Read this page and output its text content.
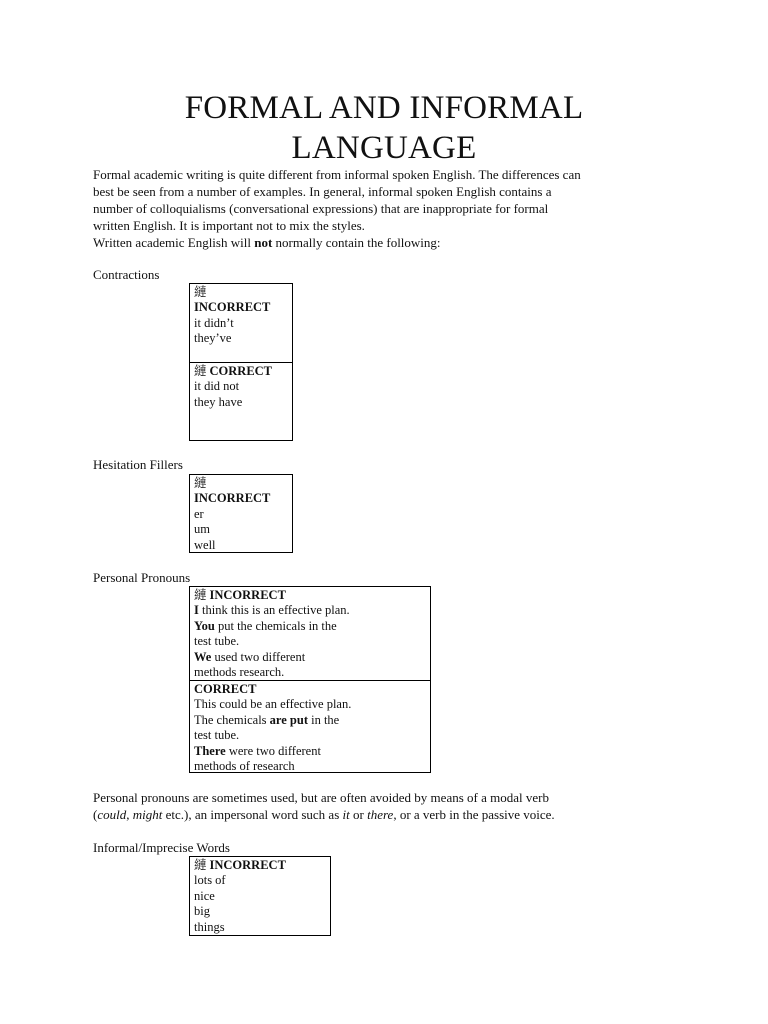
FORMAL AND INFORMAL
LANGUAGE

Formal academic writing is quite different from informal spoken English. The differences can
best be seen from a number of examples. In general, informal spoken English contains a
number of colloquialisms (conversational expressions) that are inappropriate for formal
written English. It is important not to mix the styles.

Written academic English will not normally contain the following:

Contractions
縺
INCORRECT
it didn’t
they’ve
縺 CORRECT
it did not
they have
Hesitation Fillers
縺
INCORRECT
er
um
well
Personal Pronouns
縺 INCORRECT
I think this is an effective plan.
You put the chemicals in the
test tube.
We used two different
methods research.
CORRECT
This could be an effective plan.
The chemicals are put in the
test tube.
There were two different
methods of research
Personal pronouns are sometimes used, but are often avoided by means of a modal verb
(could, might etc.), an impersonal word such as it or there, or a verb in the passive voice.
Informal/Imprecise Words
縺 INCORRECT
lots of
nice
big
things
